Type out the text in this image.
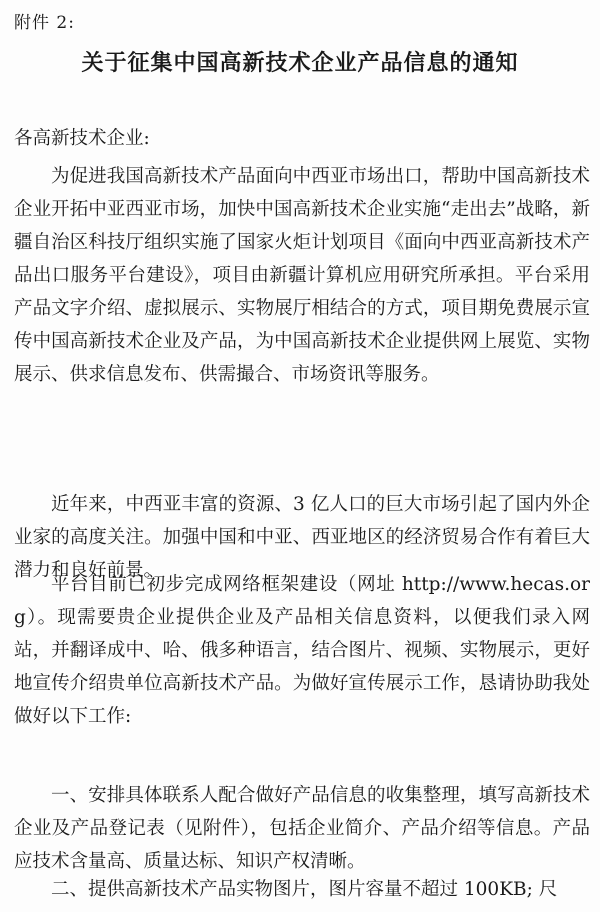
附件 2:
关于征集中国高新技术企业产品信息的通知
各高新技术企业:

为促进我国高新技术产品面向中西亚市场出口，帮助中国高新技术企业开拓中亚西亚市场，加快中国高新技术企业实施“走出去”战略，新疆自治区科技厅组织实施了国家火炬计划项目《面向中西亚高新技术产品出口服务平台建设》，项目由新疆计算机应用研究所承担。平台采用产品文字介绍、虚拟展示、实物展厅相结合的方式，项目期免费展示宣传中国高新技术企业及产品，为中国高新技术企业提供网上展览、实物展示、供求信息发布、供需撮合、市场资讯等服务。

近年来，中西亚丰富的资源、3 亿人口的巨大市场引起了国内外企业家的高度关注。加强中国和中亚、西亚地区的经济贸易合作有着巨大潜力和良好前景。

平台目前已初步完成网络框架建设（网址 http://www.hecas.org）。现需要贵企业提供企业及产品相关信息资料，以便我们录入网站，并翻译成中、哈、俄多种语言，结合图片、视频、实物展示，更好地宣传介绍贵单位高新技术产品。为做好宣传展示工作，恳请协助我处做好以下工作:

一、安排具体联系人配合做好产品信息的收集整理，填写高新技术企业及产品登记表（见附件），包括企业简介、产品介绍等信息。产品应技术含量高、质量达标、知识产权清晰。

二、提供高新技术产品实物图片，图片容量不超过 100KB; 尺
